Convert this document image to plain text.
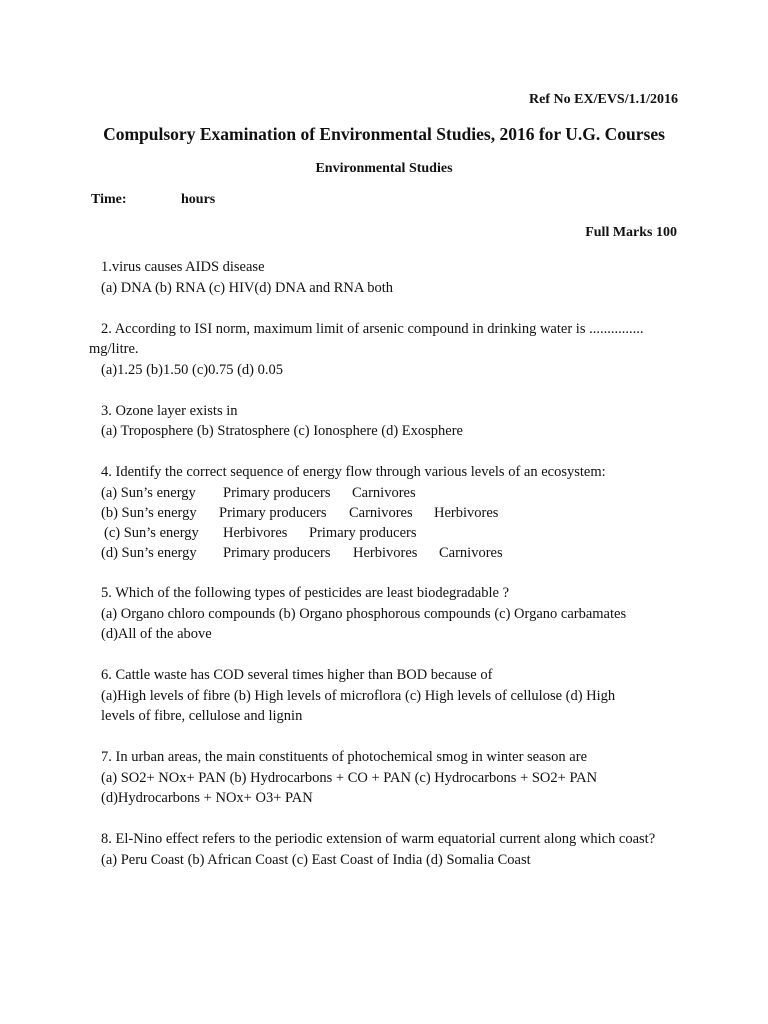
Ref No EX/EVS/1.1/2016
Compulsory Examination of Environmental Studies, 2016 for U.G. Courses
Environmental Studies
Time:	hours
Full Marks 100

1.virus causes AIDS disease

(a) DNA (b) RNA (c) HIV(d) DNA and RNA both

2. According to ISI norm, maximum limit of arsenic compound in drinking water is ...............

mg/litre.

(a)1.25 (b)1.50 (c)0.75 (d) 0.05

3. Ozone layer exists in

(a) Troposphere (b) Stratosphere (c) Ionosphere (d) Exosphere

4. Identify the correct sequence of energy flow through various levels of an ecosystem:

(a) Sun’s energy Primary producers Carnivores
(b) Sun’s energy Primary producers Carnivores Herbivores
(c) Sun’s energy Herbivores Primary producers
(d) Sun’s energy Primary producers Herbivores Carnivores

5. Which of the following types of pesticides are least biodegradable ?

(a) Organo chloro compounds (b) Organo phosphorous compounds (c) Organo carbamates

(d)All of the above

6. Cattle waste has COD several times higher than BOD because of

(a)High levels of fibre (b) High levels of microflora (c) High levels of cellulose (d) High

levels of fibre, cellulose and lignin

7. In urban areas, the main constituents of photochemical smog in winter season are

(a) SO2+ NOx+ PAN (b) Hydrocarbons + CO + PAN (c) Hydrocarbons + SO2+ PAN

(d)Hydrocarbons + NOx+ O3+ PAN

8. El-Nino effect refers to the periodic extension of warm equatorial current along which coast?

(a) Peru Coast (b) African Coast (c) East Coast of India (d) Somalia Coast
